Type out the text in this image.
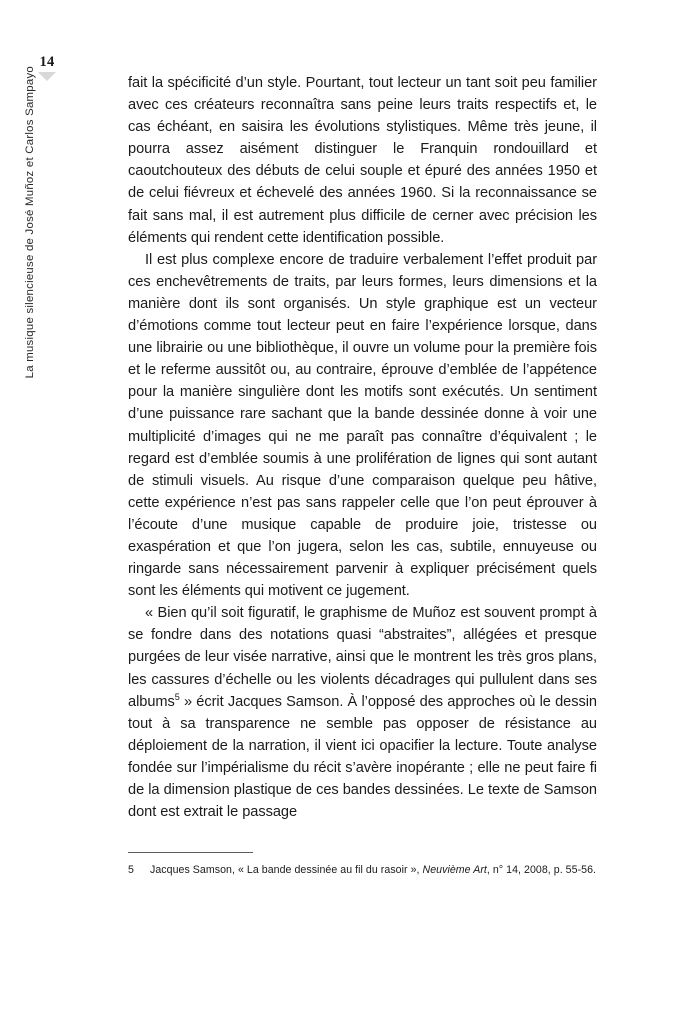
14
La musique silencieuse de José Muñoz et Carlos Sampayo	fait la spécificité d’un style. Pourtant, tout lecteur un tant soit peu familier avec ces créateurs reconnaîtra sans peine leurs traits respectifs et, le cas échéant, en saisira les évolutions stylistiques. Même très jeune, il pourra assez aisément distinguer le Franquin rondouillard et caoutchouteux des débuts de celui souple et épuré des années 1950 et de celui fiévreux et échevelé des années 1960. Si la reconnaissance se fait sans mal, il est autrement plus difficile de cerner avec précision les éléments qui rendent cette identification possible.

Il est plus complexe encore de traduire verbalement l’effet produit par ces enchevêtrements de traits, par leurs formes, leurs dimensions et la manière dont ils sont organisés. Un style graphique est un vecteur d’émotions comme tout lecteur peut en faire l’expérience lorsque, dans une librairie ou une bibliothèque, il ouvre un volume pour la première fois et le referme aussitôt ou, au contraire, éprouve d’emblée de l’appétence pour la manière singulière dont les motifs sont exécutés. Un sentiment d’une puissance rare sachant que la bande dessinée donne à voir une multiplicité d’images qui ne me paraît pas connaître d’équivalent ; le regard est d’emblée soumis à une prolifération de lignes qui sont autant de stimuli visuels. Au risque d’une comparaison quelque peu hâtive, cette expérience n’est pas sans rappeler celle que l’on peut éprouver à l’écoute d’une musique capable de produire joie, tristesse ou exaspération et que l’on jugera, selon les cas, subtile, ennuyeuse ou ringarde sans nécessairement parvenir à expliquer précisément quels sont les éléments qui motivent ce jugement.

« Bien qu’il soit figuratif, le graphisme de Muñoz est souvent prompt à se fondre dans des notations quasi “abstraites”, allégées et presque purgées de leur visée narrative, ainsi que le montrent les très gros plans, les cassures d’échelle ou les violents décadrages qui pullulent dans ses albums$^5$ » écrit Jacques Samson. À l’opposé des approches où le dessin tout à sa transparence ne semble pas opposer de résistance au déploiement de la narration, il vient ici opacifier la lecture. Toute analyse fondée sur l’impérialisme du récit s’avère inopérante ; elle ne peut faire fi de la dimension plastique de ces bandes dessinées. Le texte de Samson dont est extrait le passage

5	Jacques Samson, « La bande dessinée au fil du rasoir », Neuvième Art, n° 14, 2008, p. 55-56.
